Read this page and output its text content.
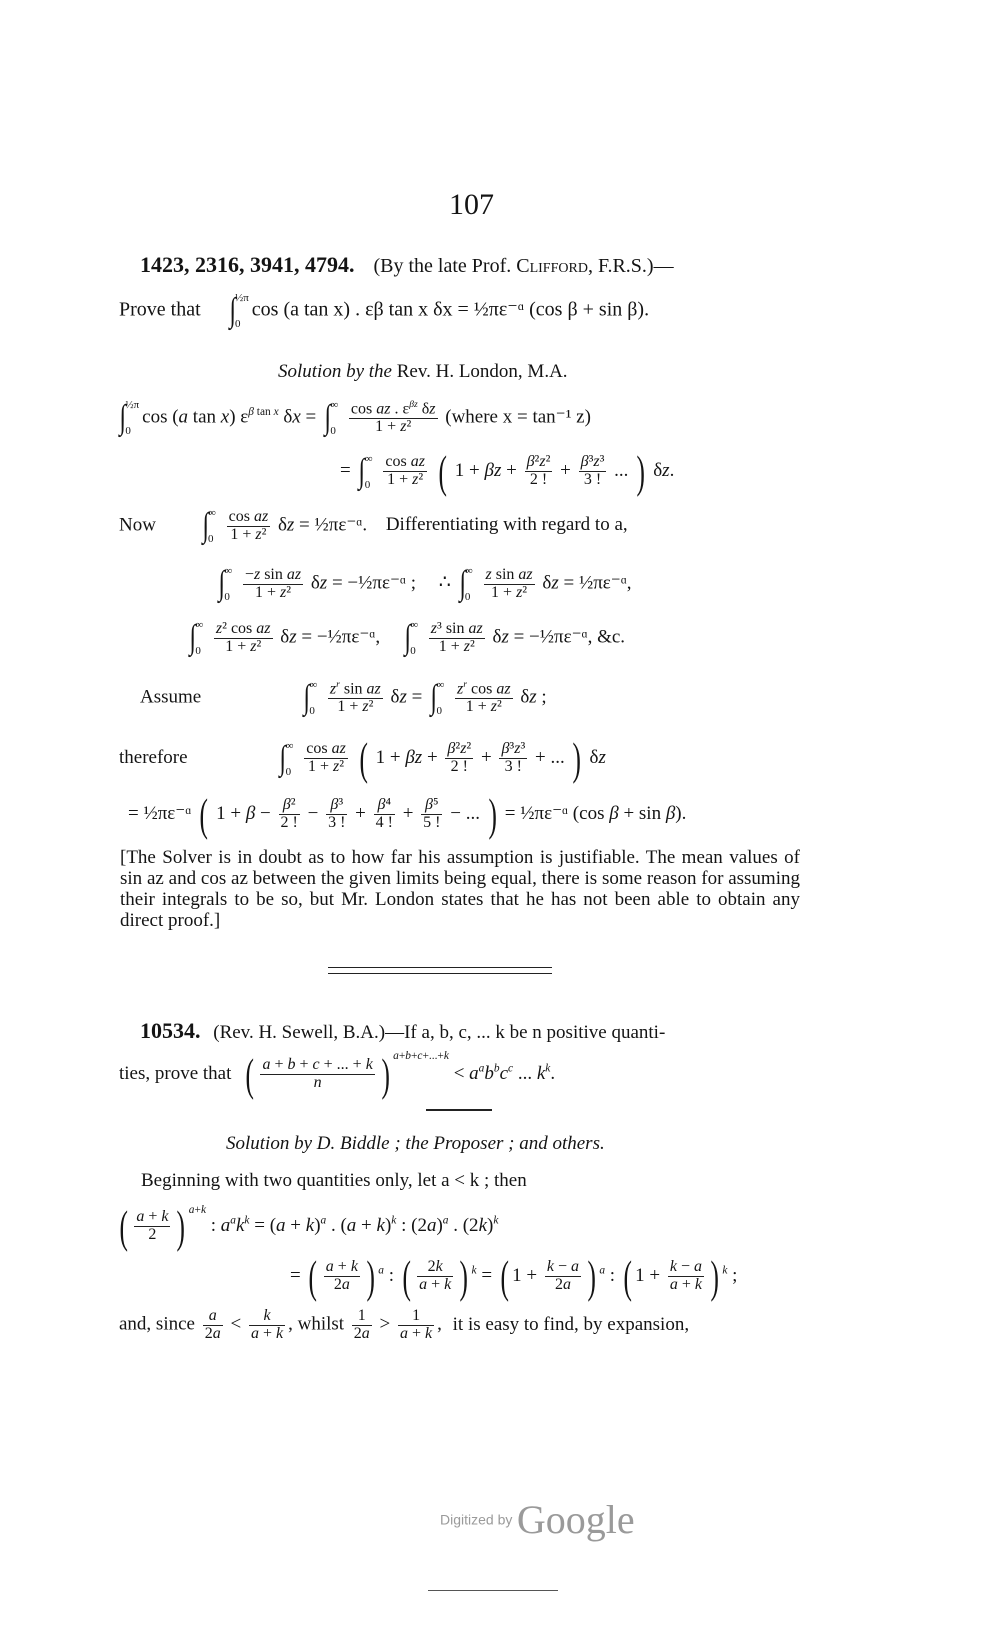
107
1423, 2316, 3941, 4794. (By the late Prof. Clifford, F.R.S.)—
Prove that ∫ ½π
0
cos (a tan x) . εβ tan x δx = ½πε⁻ᵅ (cos β + sin β).
Solution by the Rev. H. London, M.A.
∫ ½π
0
cos (a tan x) $\varepsilon^{\beta tan x}$ δx = ∫ ∞
0
$\frac{\cos az . \varepsilon^{\beta z} \delta z}{\text{1 + z²}}$ (where x = tan⁻¹ z)
= ∫ ∞
0
$\frac{\text{cos az}}{\text{1 + z²}}$ ( $1 + \beta z + \frac{\text{β²z²}}{2 !} + \frac{\text{β³z³}}{3 !}$ ... ) δz.
Now ∫ ∞
0
$\frac{\text{cos az}}{\text{1 + z²}}$ δz = ½πε⁻ᵅ. Differentiating with regard to a,
∫ ∞
0
$\frac{\text{−z sin az}}{\text{1 + z²}}$ δz = −½πε⁻ᵅ ; ∴ ∫ ∞
0
$\frac{\text{z sin az}}{\text{1 + z²}}$ δz = ½πε⁻ᵅ,
∫ ∞
0
$\frac{\text{z² cos az}}{\text{1 + z²}}$ δz = −½πε⁻ᵅ, ∫ ∞
0
$\frac{\text{z³ sin az}}{\text{1 + z²}}$ δz = −½πε⁻ᵅ, &c.
Assume	∫ ∞
0
$\frac{z^r \sin az}{\text{1 + z²}}$ δz = ∫ ∞
0
$\frac{z^r \cos az}{\text{1 + z²}}$ δz ;
therefore	∫ ∞
0
$\frac{\text{cos az}}{\text{1 + z²}}$ ( $1 + \beta z + \frac{\text{β²z²}}{2 !} + \frac{\text{β³z³}}{3 !}$ + ... ) δz
= ½πε⁻ᵅ ( $1 + \beta - \frac{\text{β²}}{2 !} - \frac{\text{β³}}{3 !} + \frac{\text{β⁴}}{4 !} + \frac{\text{β⁵}}{5 !}$ − ... ) = ½πε⁻ᵅ (cos β + sin β).
[The Solver is in doubt as to how far his assumption is justifiable. The mean values of sin az and cos az between the given limits being equal, there is some reason for assuming their integrals to be so, but Mr. London states that he has not been able to obtain any direct proof.]
10534. (Rev. H. Sewell, B.A.)—If a, b, c, ... k be n positive quanti-
ties, prove that ( $\frac{a + b + c + ... + k}{n}$ ) $^{a+b+c+...+k} < a^ab^bc^c$ ... $k^k$.
Solution by D. Biddle ; the Proposer ; and others.
Beginning with two quantities only, let a < k ; then
( $\frac{a + k}{2}$ ) $^{a+k}$ : $a^ak^k = (a + k)^a$ . $(a + k)^k$ : $(2a)^a$ . $(2k)^k$
= ( $\frac{a + k}{2a}$ ) $^a$ : ( $\frac{2k}{a + k}$ ) $^k$ = ( $1 + \frac{k - a}{2a}$ ) $^a$ : ( $1 + \frac{k - a}{a + k}$ ) $^k$ ;
and, since $\frac{a}{2a} < \frac{k}{a + k}$ , whilst $\frac{1}{2a} > \frac{1}{a + k}$ , it is easy to find, by expansion,
Digitized by Google
